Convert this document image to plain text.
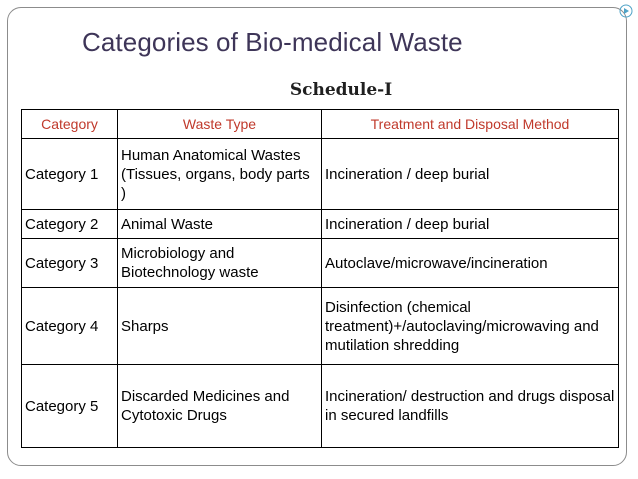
Categories of Bio-medical Waste
Schedule-I
Category	Waste Type	Treatment and Disposal Method
Category 1	Human Anatomical Wastes (Tissues, organs, body parts )	Incineration / deep burial
Category 2	Animal Waste	Incineration / deep burial
Category 3	Microbiology and Biotechnology waste	Autoclave/microwave/incineration
Category 4	Sharps	Disinfection (chemical treatment)+/autoclaving/microwaving and mutilation shredding
Category 5	Discarded Medicines and Cytotoxic Drugs	Incineration/ destruction and drugs disposal in secured landfills
